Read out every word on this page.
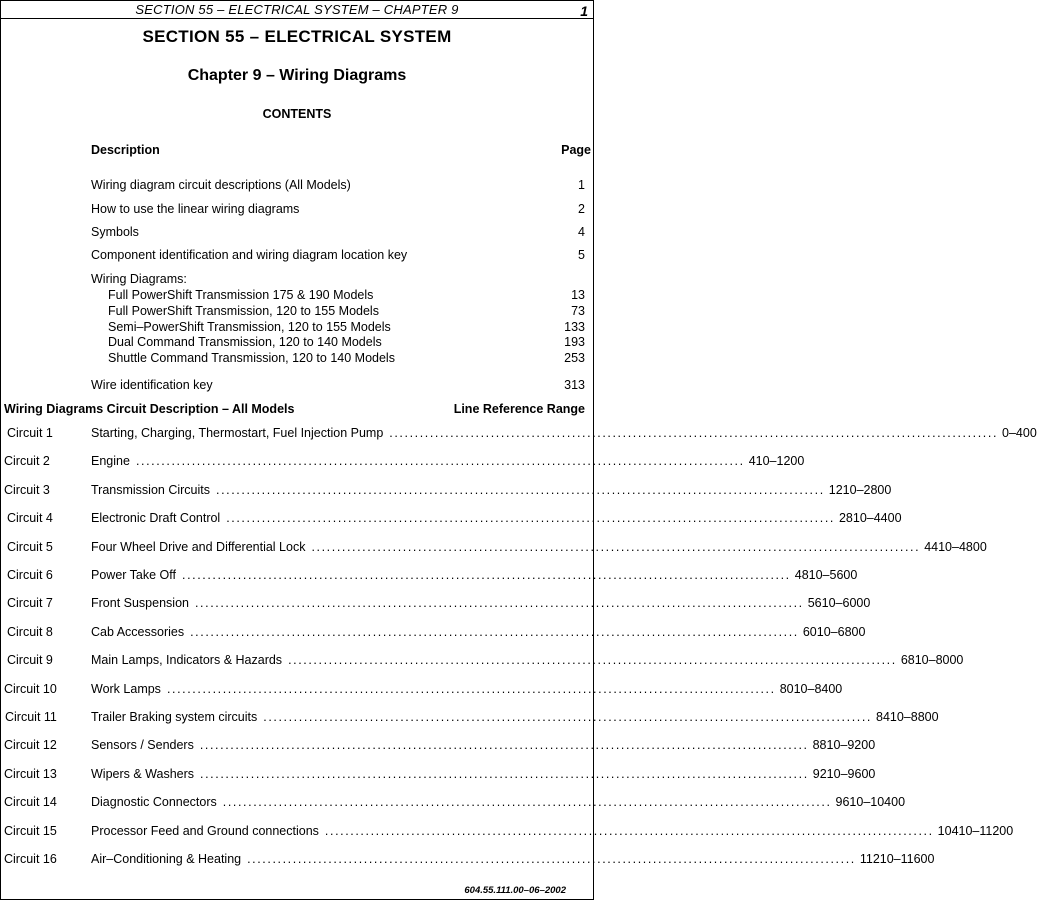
SECTION 55 – ELECTRICAL SYSTEM – CHAPTER 9	1
SECTION 55 – ELECTRICAL SYSTEM
Chapter 9 – Wiring Diagrams
CONTENTS
Description	Page
Wiring diagram circuit descriptions (All Models)	1
How to use the linear wiring diagrams	2
Symbols	4
Component identification and wiring diagram location key	5
Wiring Diagrams:
Full PowerShift Transmission 175 & 190 Models	13
Full PowerShift Transmission, 120 to 155 Models	73
Semi–PowerShift Transmission, 120 to 155 Models	133
Dual Command Transmission, 120 to 140 Models	193
Shuttle Command Transmission, 120 to 140 Models	253
Wire identification key	313
Wiring Diagrams Circuit Description – All Models	Line Reference Range
Circuit 1	Starting, Charging, Thermostart, Fuel Injection Pump ........................................................................................................................ 0–400
Circuit 2	Engine ........................................................................................................................ 410–1200
Circuit 3	Transmission Circuits ........................................................................................................................ 1210–2800
Circuit 4	Electronic Draft Control ........................................................................................................................ 2810–4400
Circuit 5	Four Wheel Drive and Differential Lock ........................................................................................................................ 4410–4800
Circuit 6	Power Take Off ........................................................................................................................ 4810–5600
Circuit 7	Front Suspension ........................................................................................................................ 5610–6000
Circuit 8	Cab Accessories ........................................................................................................................ 6010–6800
Circuit 9	Main Lamps, Indicators & Hazards ........................................................................................................................ 6810–8000
Circuit 10	Work Lamps ........................................................................................................................ 8010–8400
Circuit 11	Trailer Braking system circuits ........................................................................................................................ 8410–8800
Circuit 12	Sensors / Senders ........................................................................................................................ 8810–9200
Circuit 13	Wipers & Washers ........................................................................................................................ 9210–9600
Circuit 14	Diagnostic Connectors ........................................................................................................................ 9610–10400
Circuit 15	Processor Feed and Ground connections ........................................................................................................................ 10410–11200
Circuit 16	Air–Conditioning & Heating ........................................................................................................................ 11210–11600
604.55.111.00–06–2002
